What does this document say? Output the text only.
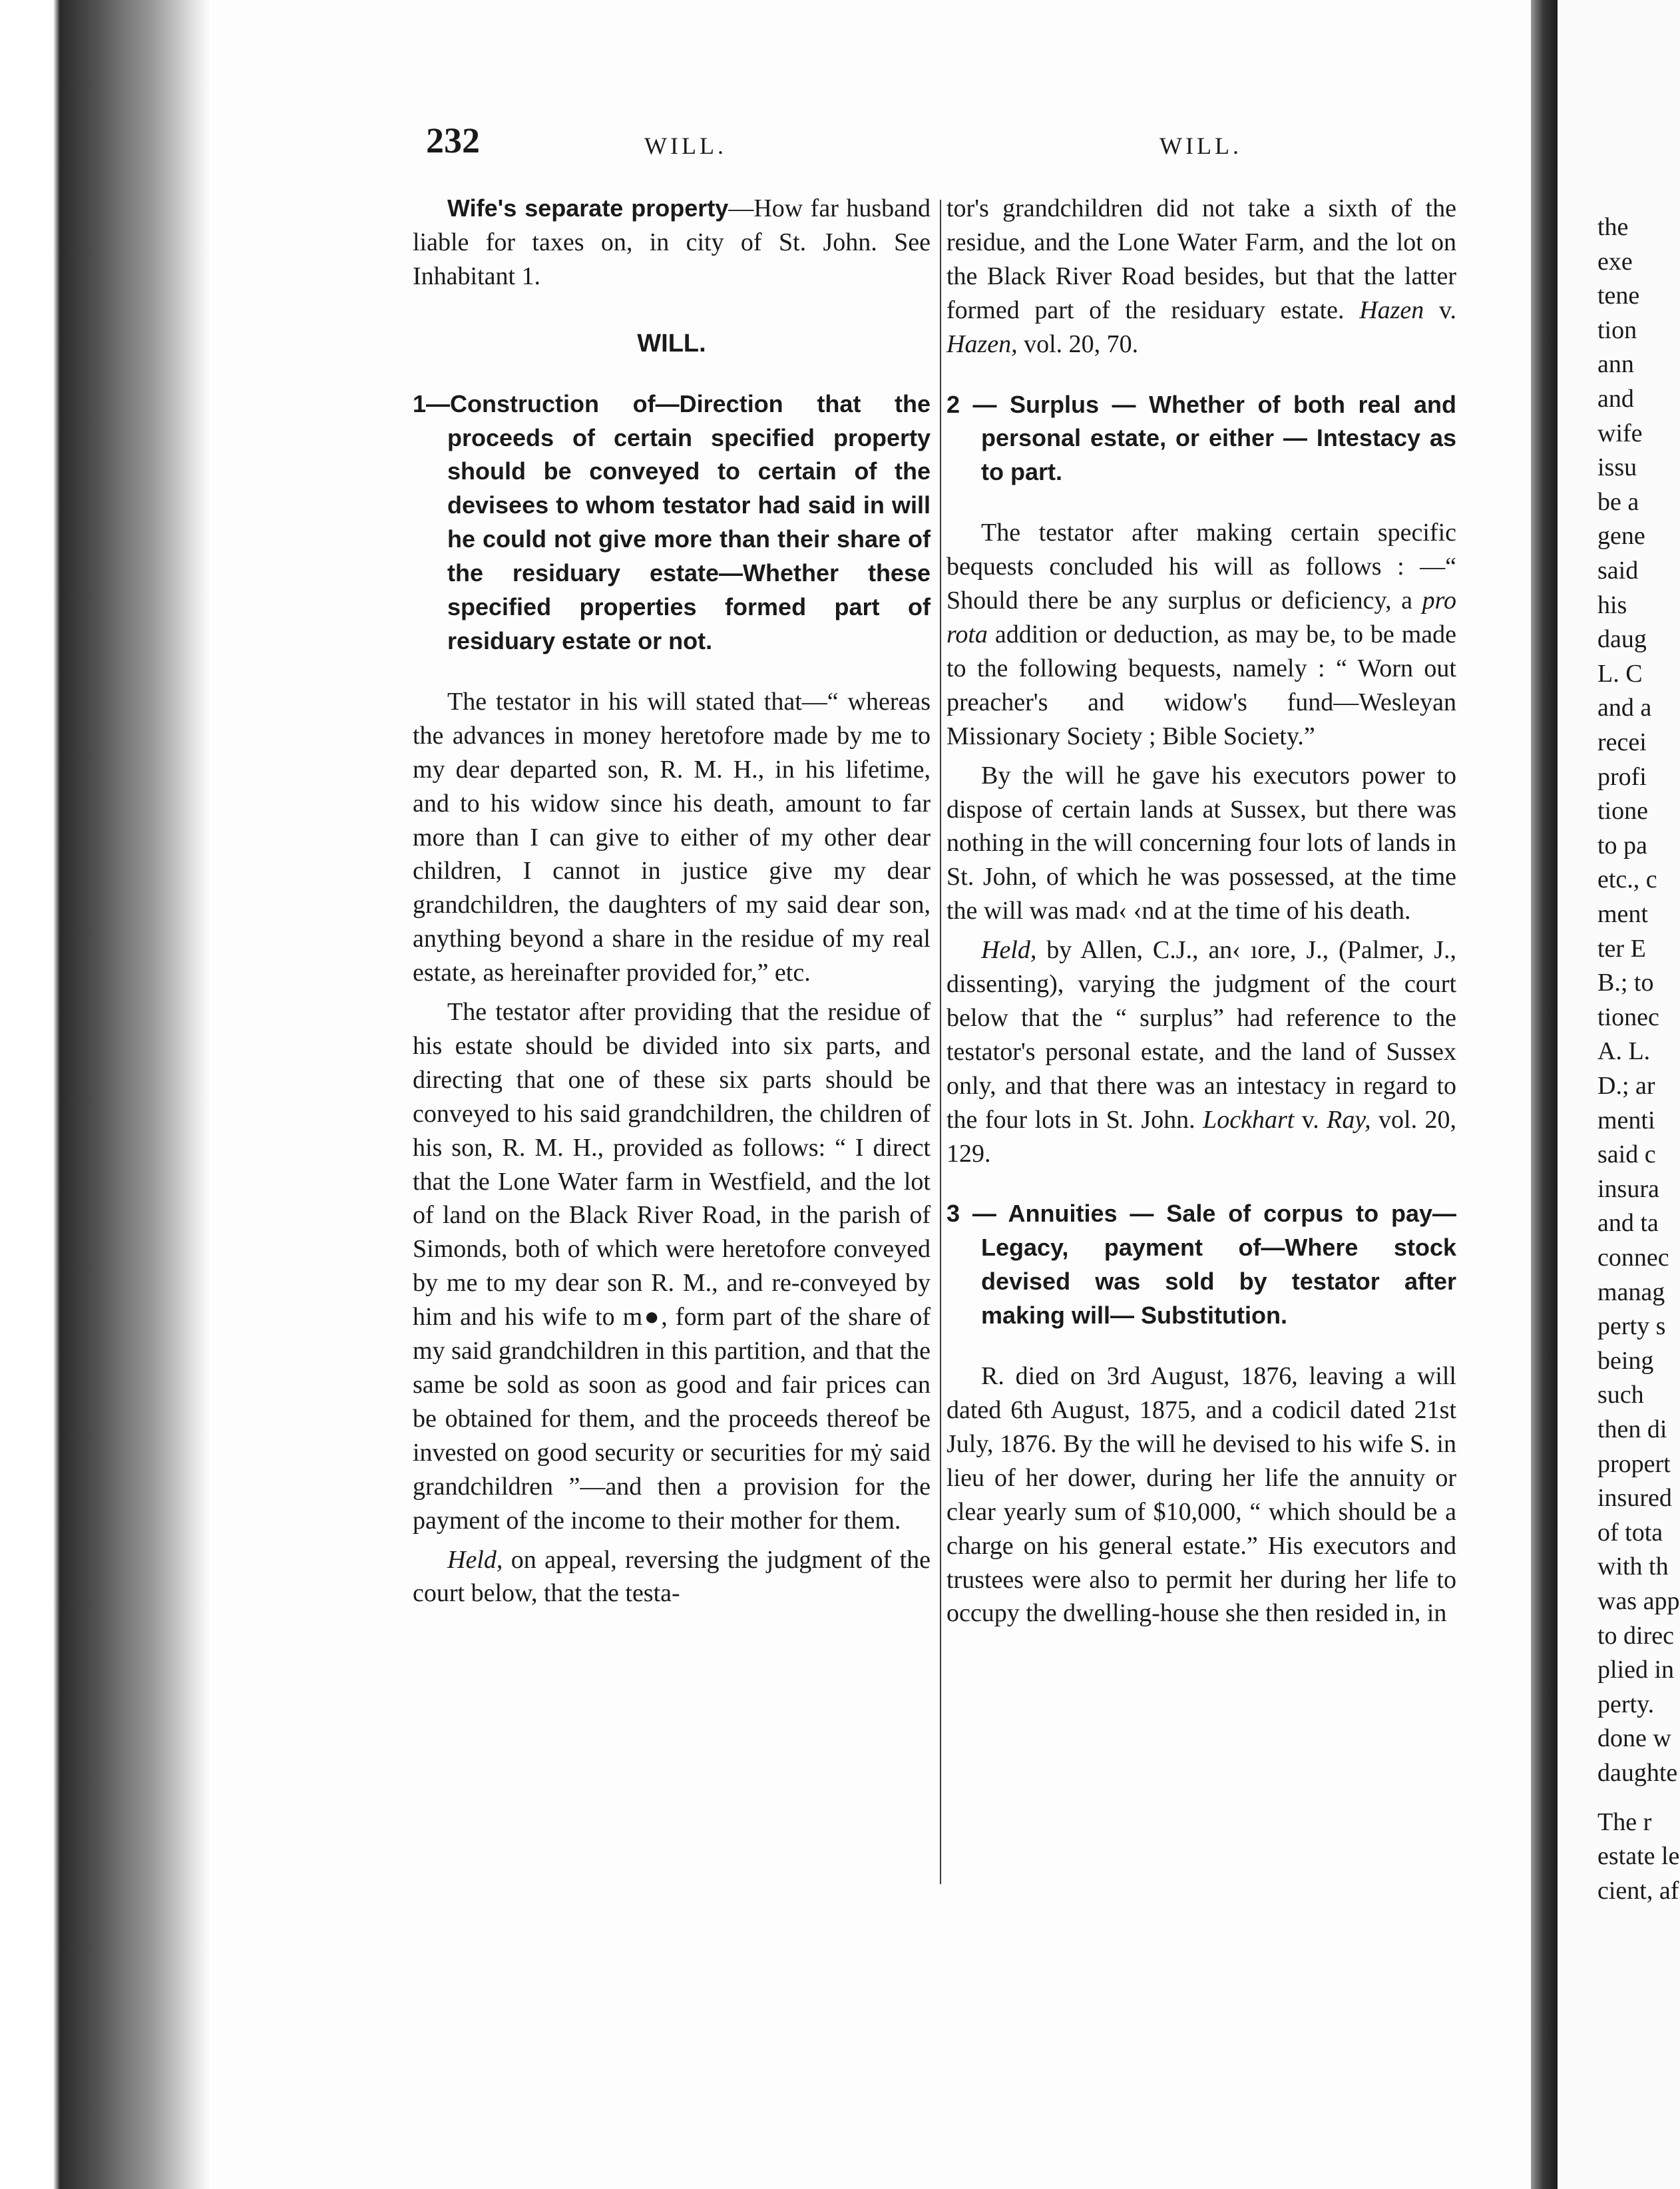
232	WILL.	WILL.

Wife's separate property—How far husband liable for taxes on, in city of St. John. See Inhabitant 1.

WILL.

1—Construction of—Direction that the proceeds of certain specified property should be conveyed to certain of the devisees to whom testator had said in will he could not give more than their share of the residuary estate—Whether these specified properties formed part of residuary estate or not.

The testator in his will stated that—“ whereas the advances in money heretofore made by me to my dear departed son, R. M. H., in his lifetime, and to his widow since his death, amount to far more than I can give to either of my other dear children, I cannot in justice give my dear grandchildren, the daughters of my said dear son, anything beyond a share in the residue of my real estate, as hereinafter provided for,” etc.

The testator after providing that the residue of his estate should be divided into six parts, and directing that one of these six parts should be conveyed to his said grandchildren, the children of his son, R. M. H., provided as follows: “ I direct that the Lone Water farm in Westfield, and the lot of land on the Black River Road, in the parish of Simonds, both of which were heretofore conveyed by me to my dear son R. M., and re-conveyed by him and his wife to m●, form part of the share of my said grandchildren in this partition, and that the same be sold as soon as good and fair prices can be obtained for them, and the proceeds thereof be invested on good security or securities for mẏ said grandchildren ”—and then a provision for the payment of the income to their mother for them.

Held, on appeal, reversing the judgment of the court below, that the testa-

tor's grandchildren did not take a sixth of the residue, and the Lone Water Farm, and the lot on the Black River Road besides, but that the latter formed part of the residuary estate. Hazen v. Hazen, vol. 20, 70.

2 — Surplus — Whether of both real and personal estate, or either — Intestacy as to part.

The testator after making certain specific bequests concluded his will as follows : —“ Should there be any surplus or deficiency, a pro rota addition or deduction, as may be, to be made to the following bequests, namely : “ Worn out preacher's and widow's fund—Wesleyan Missionary Society ; Bible Society.”

By the will he gave his executors power to dispose of certain lands at Sussex, but there was nothing in the will concerning four lots of lands in St. John, of which he was possessed, at the time the will was mad‹ ‹nd at the time of his death.

Held, by Allen, C.J., an‹ ıore, J., (Palmer, J., dissenting), varying the judgment of the court below that the “ surplus” had reference to the testator's personal estate, and the land of Sussex only, and that there was an intestacy in regard to the four lots in St. John. Lockhart v. Ray, vol. 20, 129.

3 — Annuities — Sale of corpus to pay— Legacy, payment of—Where stock devised was sold by testator after making will— Substitution.

R. died on 3rd August, 1876, leaving a will dated 6th August, 1875, and a codicil dated 21st July, 1876. By the will he devised to his wife S. in lieu of her dower, during her life the annuity or clear yearly sum of $10,000, “ which should be a charge on his general estate.” His executors and trustees were also to permit her during her life to occupy the dwelling-house she then resided in, in

the
exe
tene
tion
ann
and
wife
issu
be a
gene
said
his
daug
L. C
and a
recei
profi
tione
to pa
etc., c
ment
ter E
B.; to
tionec
A. L.
D.; ar
menti
said c
insura
and ta
connec
manag
perty s
being
such
then di
propert
insured
of tota
with th
was app
to direc
plied in
perty.
done w
daughte
The r
estate le
cient, af
